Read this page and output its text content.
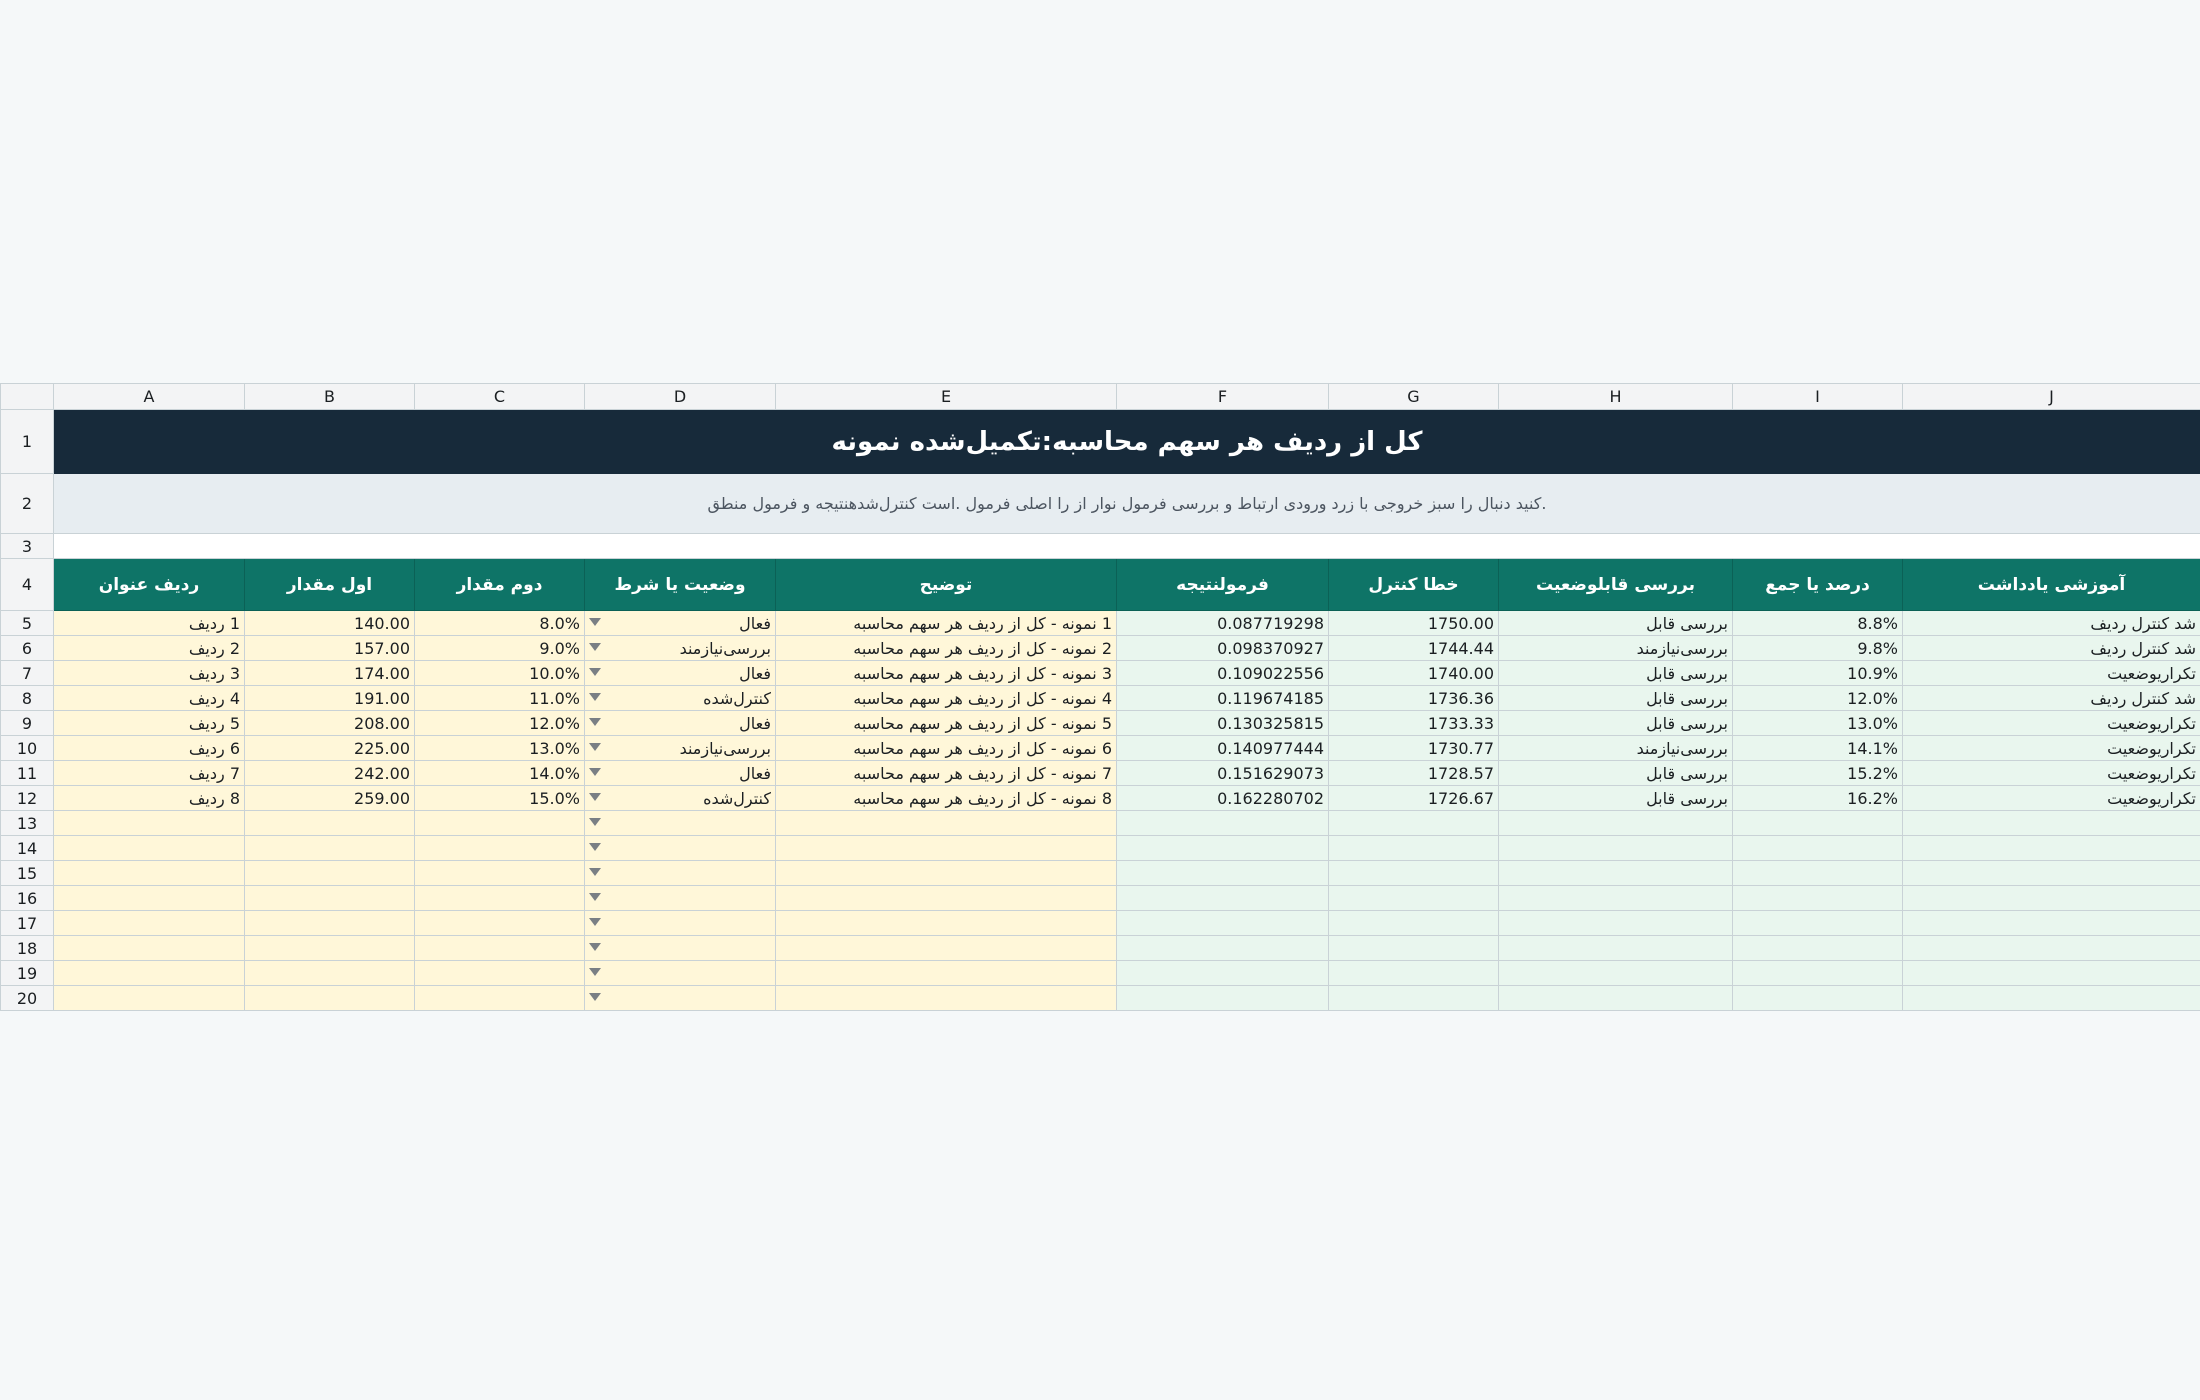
	A	B	C	D	E	F	G	H	I	J
1	کل از ردیف هر سهم محاسبه:تکمیل‌شده نمونه									
2	.کنید دنبال را سبز خروجی با زرد ورودی ارتباط و بررسی فرمول نوار از را اصلی فرمول .است کنترل‌شدهنتیجه و فرمول منطق									
3										
4	ردیف عنوان	اول مقدار	دوم مقدار	وضعیت یا شرط	توضیح	فرمولنتیجه	خطا کنترل	بررسی قابلوضعیت	درصد یا جمع	آموزشی یادداشت
5	1 ردیف	140.00	8.0%	فعال	1 نمونه - کل از ردیف هر سهم محاسبه	0.087719298	1750.00	بررسی قابل	8.8%	شد کنترل ردیف
6	2 ردیف	157.00	9.0%	بررسی‌نیازمند	2 نمونه - کل از ردیف هر سهم محاسبه	0.098370927	1744.44	بررسی‌نیازمند	9.8%	شد کنترل ردیف
7	3 ردیف	174.00	10.0%	فعال	3 نمونه - کل از ردیف هر سهم محاسبه	0.109022556	1740.00	بررسی قابل	10.9%	تکراریوضعیت
8	4 ردیف	191.00	11.0%	کنترل‌شده	4 نمونه - کل از ردیف هر سهم محاسبه	0.119674185	1736.36	بررسی قابل	12.0%	شد کنترل ردیف
9	5 ردیف	208.00	12.0%	فعال	5 نمونه - کل از ردیف هر سهم محاسبه	0.130325815	1733.33	بررسی قابل	13.0%	تکراریوضعیت
10	6 ردیف	225.00	13.0%	بررسی‌نیازمند	6 نمونه - کل از ردیف هر سهم محاسبه	0.140977444	1730.77	بررسی‌نیازمند	14.1%	تکراریوضعیت
11	7 ردیف	242.00	14.0%	فعال	7 نمونه - کل از ردیف هر سهم محاسبه	0.151629073	1728.57	بررسی قابل	15.2%	تکراریوضعیت
12	8 ردیف	259.00	15.0%	کنترل‌شده	8 نمونه - کل از ردیف هر سهم محاسبه	0.162280702	1726.67	بررسی قابل	16.2%	تکراریوضعیت
13				

14				

15				

16				

17				

18				

19				

20				
